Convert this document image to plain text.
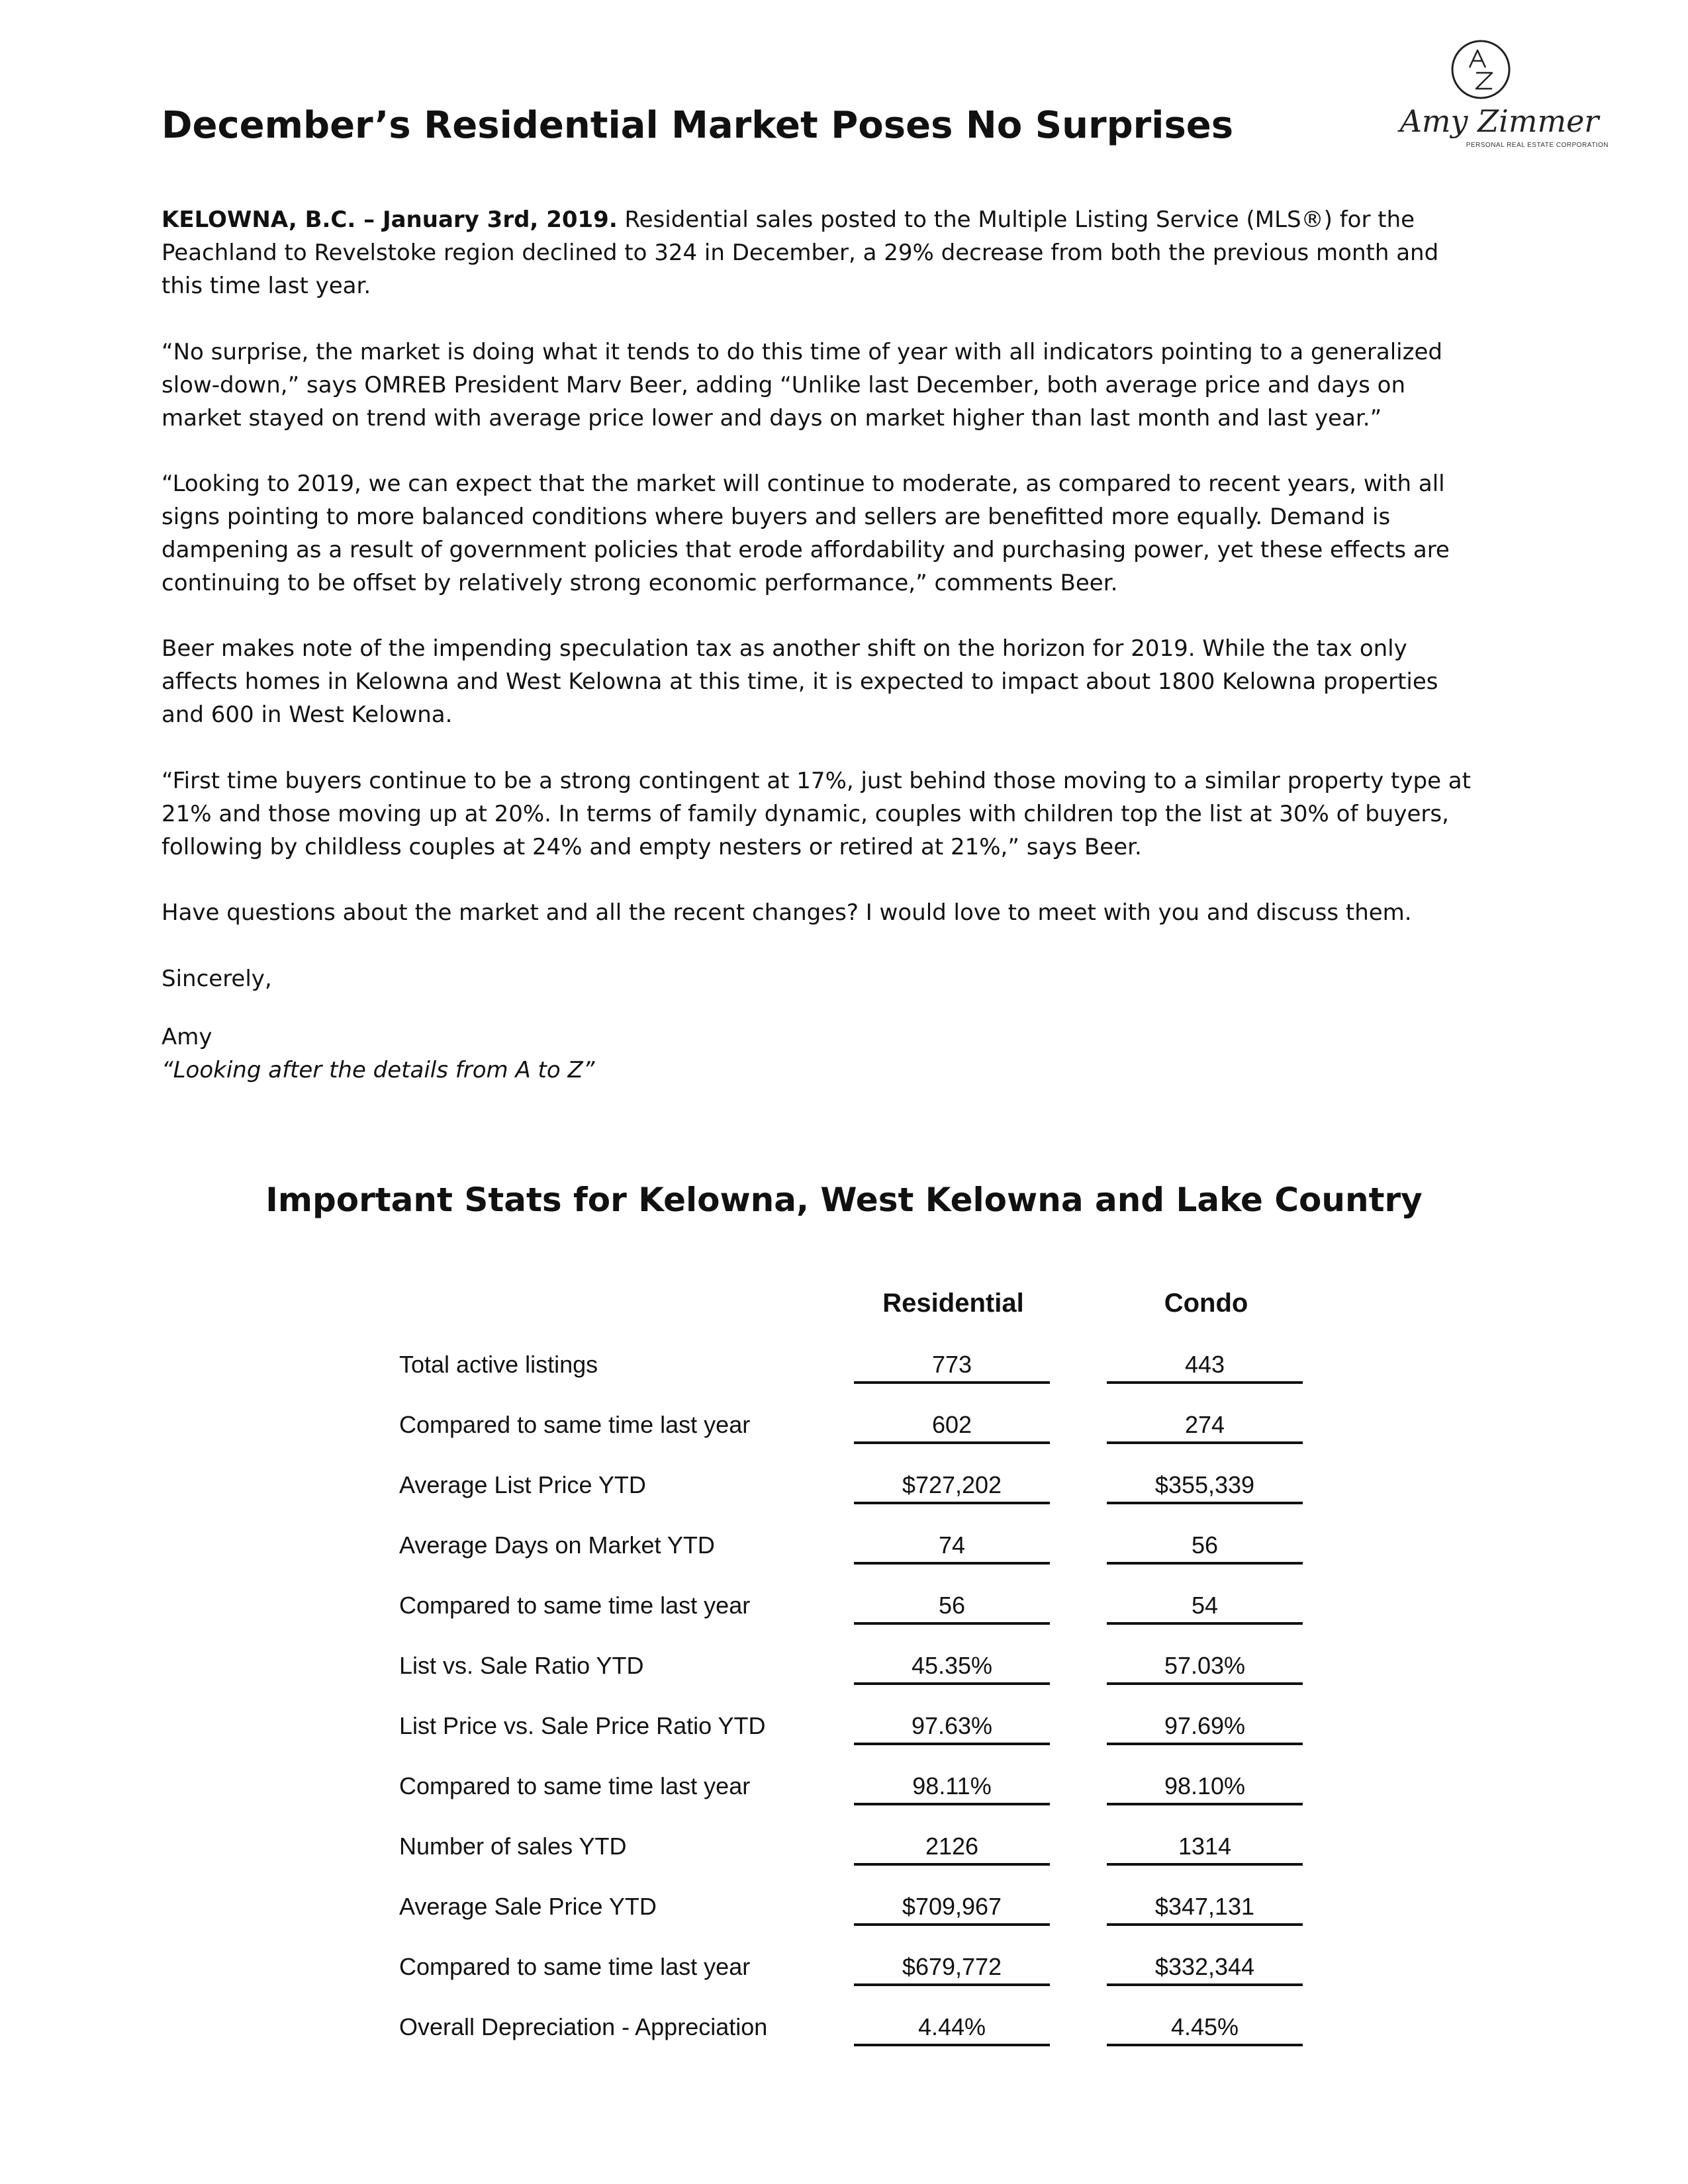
December’s Residential Market Poses No Surprises	Amy Zimmer
PERSONAL REAL ESTATE CORPORATION

KELOWNA, B.C. – January 3rd, 2019. Residential sales posted to the Multiple Listing Service (MLS®) for the Peachland to Revelstoke region declined to 324 in December, a 29% decrease from both the previous month and this time last year.

“No surprise, the market is doing what it tends to do this time of year with all indicators pointing to a generalized slow-down,” says OMREB President Marv Beer, adding “Unlike last December, both average price and days on market stayed on trend with average price lower and days on market higher than last month and last year.”

“Looking to 2019, we can expect that the market will continue to moderate, as compared to recent years, with all signs pointing to more balanced conditions where buyers and sellers are benefitted more equally. Demand is dampening as a result of government policies that erode affordability and purchasing power, yet these effects are continuing to be offset by relatively strong economic performance,” comments Beer.

Beer makes note of the impending speculation tax as another shift on the horizon for 2019. While the tax only affects homes in Kelowna and West Kelowna at this time, it is expected to impact about 1800 Kelowna properties and 600 in West Kelowna.

“First time buyers continue to be a strong contingent at 17%, just behind those moving to a similar property type at 21% and those moving up at 20%. In terms of family dynamic, couples with children top the list at 30% of buyers, following by childless couples at 24% and empty nesters or retired at 21%,” says Beer.

Have questions about the market and all the recent changes? I would love to meet with you and discuss them.

Sincerely,

Amy

“Looking after the details from A to Z”

Important Stats for Kelowna, West Kelowna and Lake Country
Residential	Condo
Total active listings	773	443
Compared to same time last year	602	274
Average List Price YTD	$727,202	$355,339
Average Days on Market YTD	74	56
Compared to same time last year	56	54
List vs. Sale Ratio YTD	45.35%	57.03%
List Price vs. Sale Price Ratio YTD	97.63%	97.69%
Compared to same time last year	98.11%	98.10%
Number of sales YTD	2126	1314
Average Sale Price YTD	$709,967	$347,131
Compared to same time last year	$679,772	$332,344
Overall Depreciation - Appreciation	4.44%	4.45%
